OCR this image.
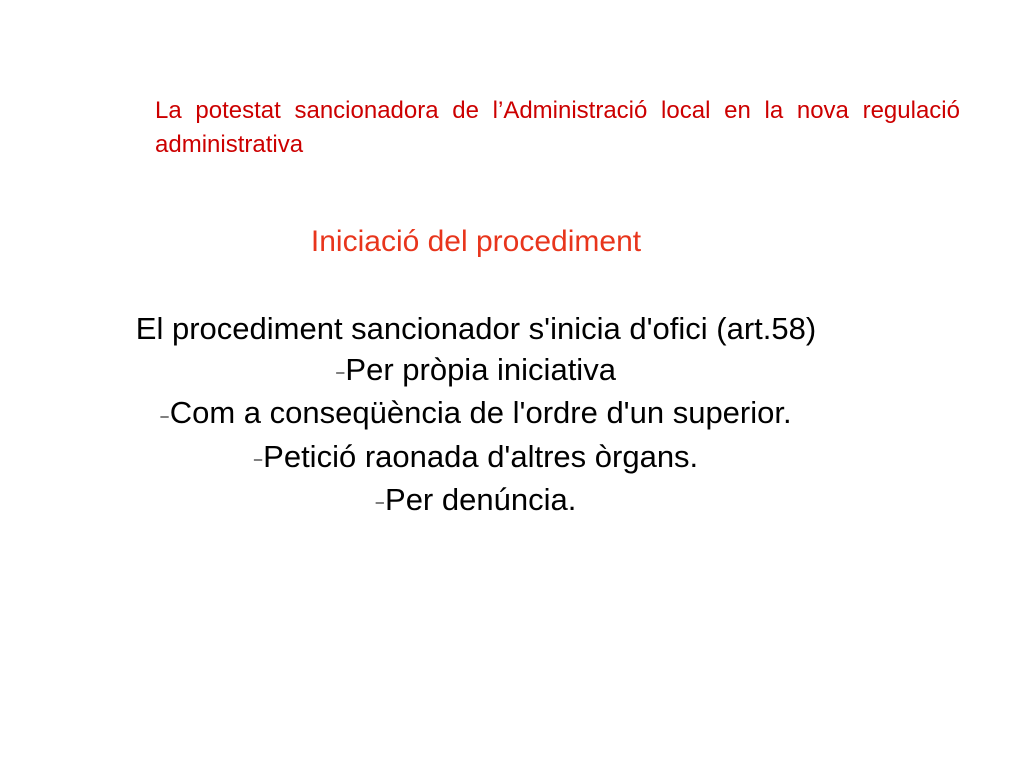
La potestat sancionadora de l’Administració local en la nova regulació administrativa

Iniciació del procediment

El procediment sancionador s'inicia d'ofici (art.58)

–Per pròpia iniciativa
–Com a conseqüència de l'ordre d'un superior.
–Petició raonada d'altres òrgans.
–Per denúncia.
